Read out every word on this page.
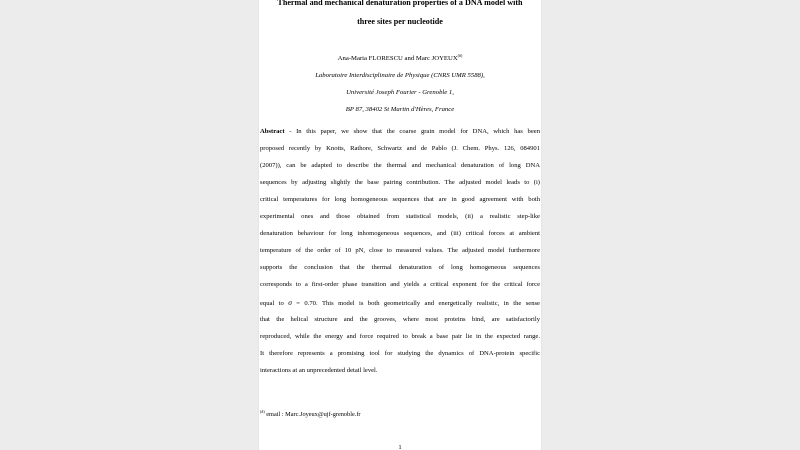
Thermal and mechanical denaturation properties of a DNA model with
three sites per nucleotide
Ana-Maria FLORESCU and Marc JOYEUX(#)
Laboratoire Interdisciplinaire de Physique (CNRS UMR 5588),
Université Joseph Fourier - Grenoble 1,
BP 87, 38402 St Martin d'Hères, France
Abstract - In this paper, we show that the coarse grain model for DNA, which has been
proposed recently by Knotts, Rathore, Schwartz and de Pablo (J. Chem. Phys. 126, 084901
(2007)), can be adapted to describe the thermal and mechanical denaturation of long DNA
sequences by adjusting slightly the base pairing contribution. The adjusted model leads to (i)
critical temperatures for long homogeneous sequences that are in good agreement with both
experimental ones and those obtained from statistical models, (ii) a realistic step-like
denaturation behaviour for long inhomogeneous sequences, and (iii) critical forces at ambient
temperature of the order of 10 pN, close to measured values. The adjusted model furthermore
supports the conclusion that the thermal denaturation of long homogeneous sequences
corresponds to a first-order phase transition and yields a critical exponent for the critical force
equal to σ = 0.70. This model is both geometrically and energetically realistic, in the sense
that the helical structure and the grooves, where most proteins bind, are satisfactorily
reproduced, while the energy and force required to break a base pair lie in the expected range.
It therefore represents a promising tool for studying the dynamics of DNA-protein specific
interactions at an unprecedented detail level.
(#) email : Marc.Joyeux@ujf-grenoble.fr
1
